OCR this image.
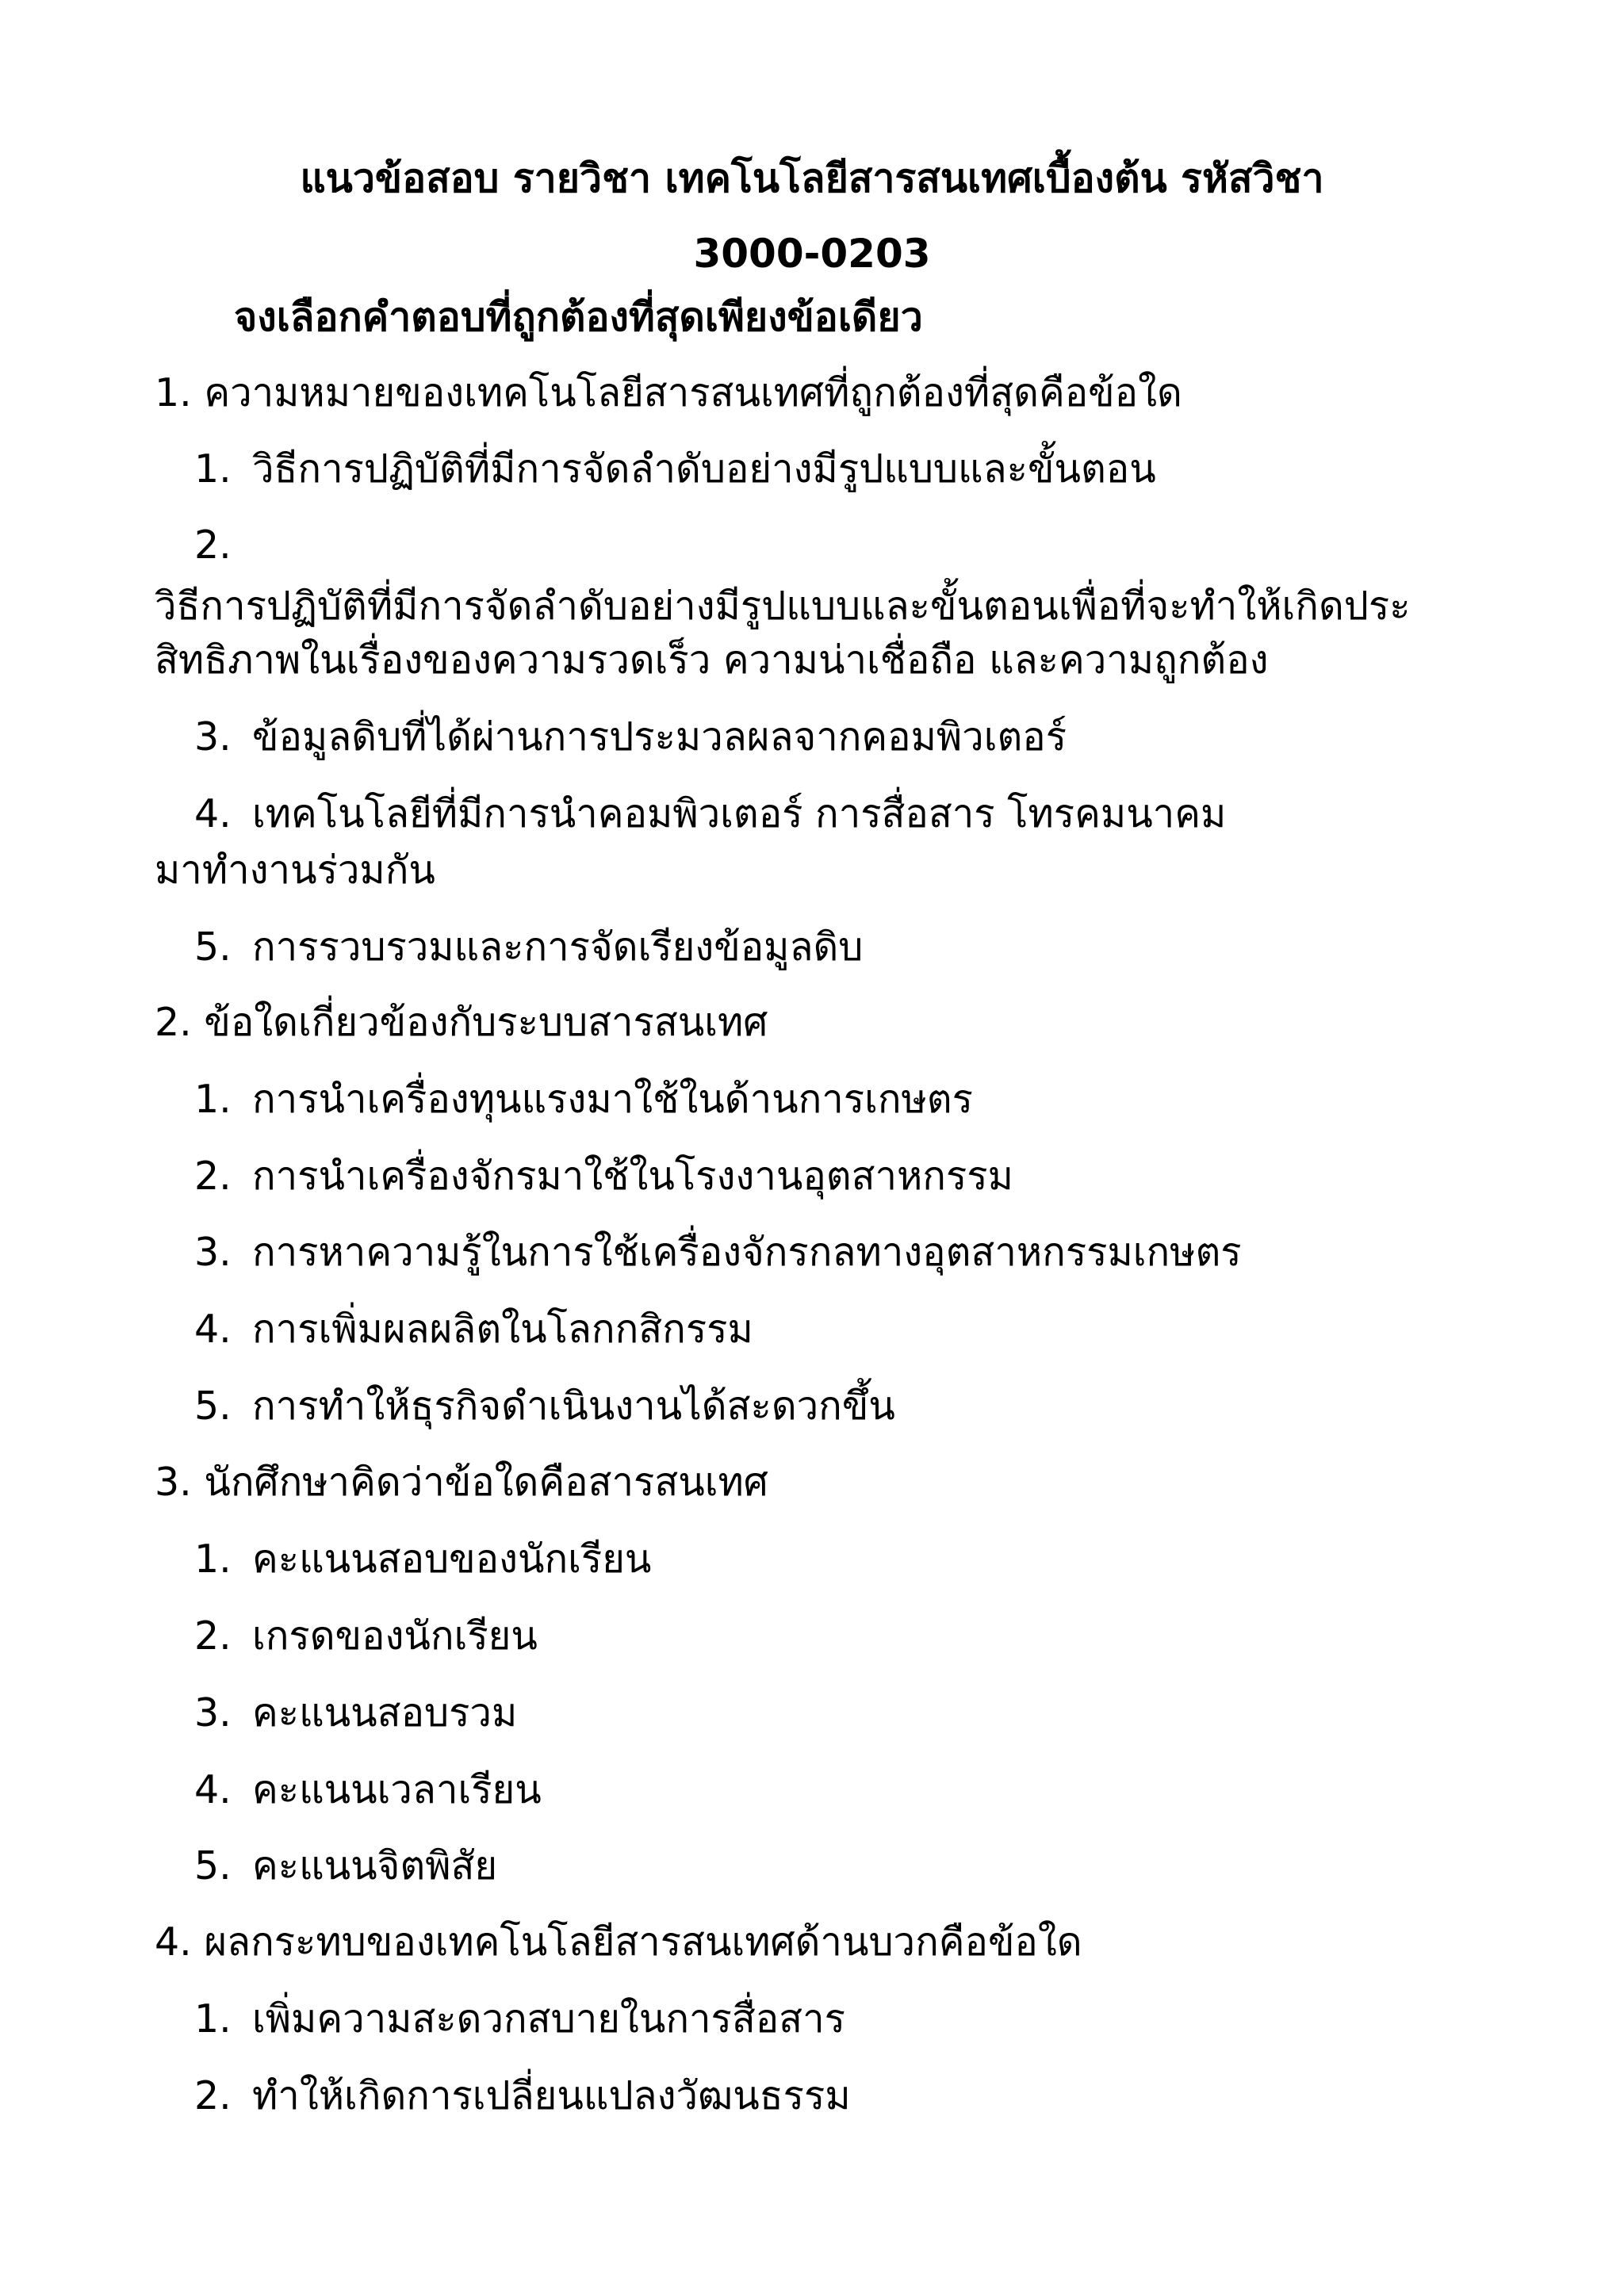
แนวข้อสอบ รายวิชา เทคโนโลยีสารสนเทศเบื้องต้น รหัสวิชา
3000-0203
จงเลือกคำตอบที่ถูกต้องที่สุดเพียงข้อเดียว
1. ความหมายของเทคโนโลยีสารสนเทศที่ถูกต้องที่สุดคือข้อใด
1. วิธีการปฏิบัติที่มีการจัดลำดับอย่างมีรูปแบบและขั้นตอน
2.
วิธีการปฏิบัติที่มีการจัดลำดับอย่างมีรูปแบบและขั้นตอนเพื่อที่จะทำให้เกิดประ
สิทธิภาพในเรื่องของความรวดเร็ว ความน่าเชื่อถือ และความถูกต้อง
3. ข้อมูลดิบที่ได้ผ่านการประมวลผลจากคอมพิวเตอร์
4. เทคโนโลยีที่มีการนำคอมพิวเตอร์ การสื่อสาร โทรคมนาคม
มาทำงานร่วมกัน
5. การรวบรวมและการจัดเรียงข้อมูลดิบ
2. ข้อใดเกี่ยวข้องกับระบบสารสนเทศ
1. การนำเครื่องทุนแรงมาใช้ในด้านการเกษตร
2. การนำเครื่องจักรมาใช้ในโรงงานอุตสาหกรรม
3. การหาความรู้ในการใช้เครื่องจักรกลทางอุตสาหกรรมเกษตร
4. การเพิ่มผลผลิตในโลกกสิกรรม
5. การทำให้ธุรกิจดำเนินงานได้สะดวกขึ้น
3. นักศึกษาคิดว่าข้อใดคือสารสนเทศ
1. คะแนนสอบของนักเรียน
2. เกรดของนักเรียน
3. คะแนนสอบรวม
4. คะแนนเวลาเรียน
5. คะแนนจิตพิสัย
4. ผลกระทบของเทคโนโลยีสารสนเทศด้านบวกคือข้อใด
1. เพิ่มความสะดวกสบายในการสื่อสาร
2. ทำให้เกิดการเปลี่ยนแปลงวัฒนธรรม
